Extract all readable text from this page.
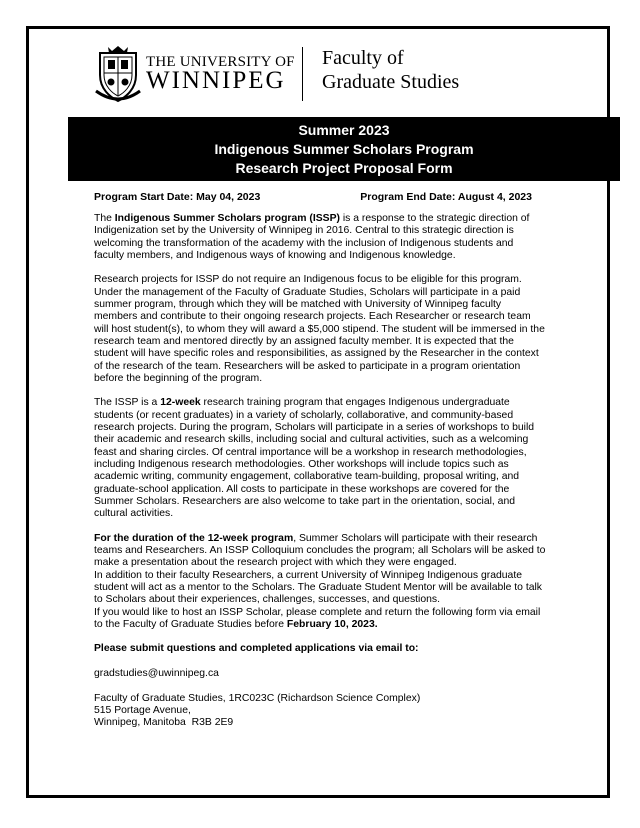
THE UNIVERSITY OF
WINNIPEG
Faculty of
Graduate Studies
Summer 2023
Indigenous Summer Scholars Program
Research Project Proposal Form
Program Start Date: May 04, 2023	Program End Date: August 4, 2023

The Indigenous Summer Scholars program (ISSP) is a response to the strategic direction of Indigenization set by the University of Winnipeg in 2016. Central to this strategic direction is welcoming the transformation of the academy with the inclusion of Indigenous students and faculty members, and Indigenous ways of knowing and Indigenous knowledge.

Research projects for ISSP do not require an Indigenous focus to be eligible for this program. Under the management of the Faculty of Graduate Studies, Scholars will participate in a paid summer program, through which they will be matched with University of Winnipeg faculty members and contribute to their ongoing research projects. Each Researcher or research team will host student(s), to whom they will award a $5,000 stipend. The student will be immersed in the research team and mentored directly by an assigned faculty member. It is expected that the student will have specific roles and responsibilities, as assigned by the Researcher in the context of the research of the team. Researchers will be asked to participate in a program orientation before the beginning of the program.

The ISSP is a 12-week research training program that engages Indigenous undergraduate students (or recent graduates) in a variety of scholarly, collaborative, and community-based research projects. During the program, Scholars will participate in a series of workshops to build their academic and research skills, including social and cultural activities, such as a welcoming feast and sharing circles. Of central importance will be a workshop in research methodologies, including Indigenous research methodologies. Other workshops will include topics such as academic writing, community engagement, collaborative team-building, proposal writing, and graduate-school application. All costs to participate in these workshops are covered for the Summer Scholars. Researchers are also welcome to take part in the orientation, social, and cultural activities.

For the duration of the 12-week program, Summer Scholars will participate with their research teams and Researchers. An ISSP Colloquium concludes the program; all Scholars will be asked to make a presentation about the research project with which they were engaged.

In addition to their faculty Researchers, a current University of Winnipeg Indigenous graduate student will act as a mentor to the Scholars. The Graduate Student Mentor will be available to talk to Scholars about their experiences, challenges, successes, and questions.

If you would like to host an ISSP Scholar, please complete and return the following form via email to the Faculty of Graduate Studies before February 10, 2023.

Please submit questions and completed applications via email to:

gradstudies@uwinnipeg.ca

Faculty of Graduate Studies, 1RC023C (Richardson Science Complex)
515 Portage Avenue,
Winnipeg, Manitoba  R3B 2E9
